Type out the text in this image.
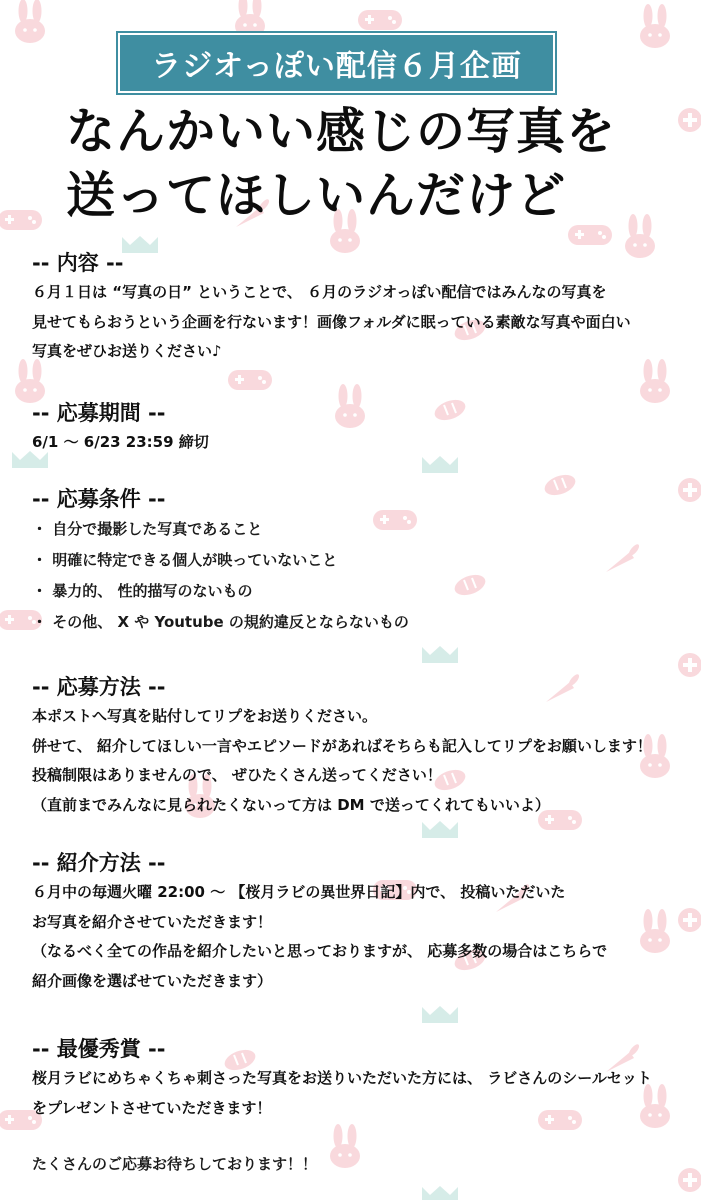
ラジオっぽい配信６月企画
なんかいい感じの写真を
送ってほしいんだけど
-- 内容 --
６月１日は “写真の日” ということで、 ６月のラジオっぽい配信ではみんなの写真を
見せてもらおうという企画を行ないます！画像フォルダに眠っている素敵な写真や面白い
写真をぜひお送りください♪
-- 応募期間 --
6/1 〜 6/23 23:59 締切
-- 応募条件 --
・ 自分で撮影した写真であること
・ 明確に特定できる個人が映っていないこと
・ 暴力的、 性的描写のないもの
・ その他、 X や Youtube の規約違反とならないもの
-- 応募方法 --
本ポストへ写真を貼付してリプをお送りください。
併せて、 紹介してほしい一言やエピソードがあればそちらも記入してリプをお願いします！
投稿制限はありませんので、 ぜひたくさん送ってください！
（直前までみんなに見られたくないって方は DM で送ってくれてもいいよ）
-- 紹介方法 --
６月中の毎週火曜 22:00 〜 【桜月ラビの異世界日記】内で、 投稿いただいた
お写真を紹介させていただきます！
（なるべく全ての作品を紹介したいと思っておりますが、 応募多数の場合はこちらで
紹介画像を選ばせていただきます）
-- 最優秀賞 --
桜月ラビにめちゃくちゃ刺さった写真をお送りいただいた方には、 ラビさんのシールセット
をプレゼントさせていただきます！
たくさんのご応募お待ちしております！！
